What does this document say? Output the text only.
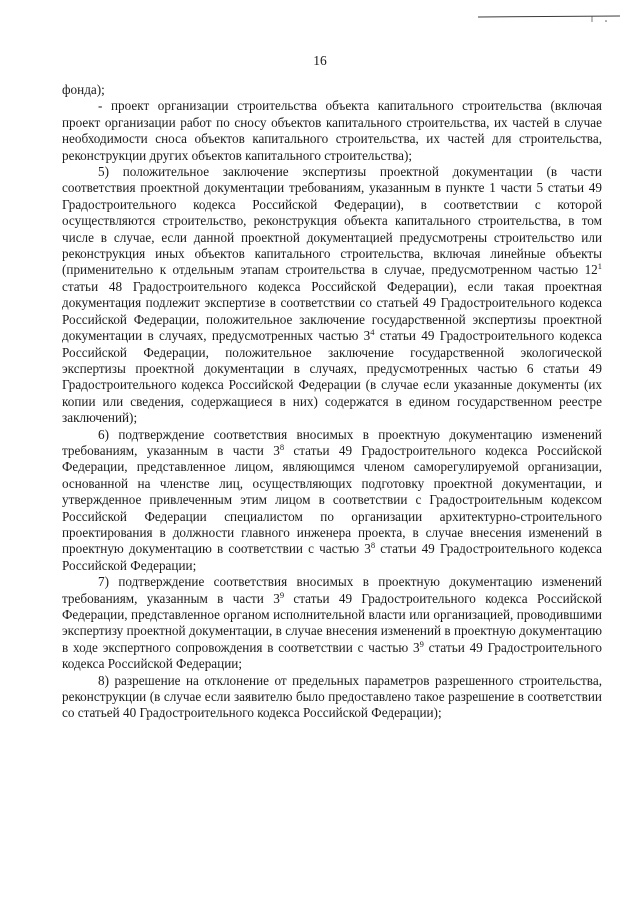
16

фонда);

- проект организации строительства объекта капитального строительства (включая проект организации работ по сносу объектов капитального строительства, их частей в случае необходимости сноса объектов капитального строительства, их частей для строительства, реконструкции других объектов капитального строительства);

5) положительное заключение экспертизы проектной документации (в части соответствия проектной документации требованиям, указанным в пункте 1 части 5 статьи 49 Градостроительного кодекса Российской Федерации), в соответствии с которой осуществляются строительство, реконструкция объекта капитального строительства, в том числе в случае, если данной проектной документацией предусмотрены строительство или реконструкция иных объектов капитального строительства, включая линейные объекты (применительно к отдельным этапам строительства в случае, предусмотренном частью $12^1$ статьи 48 Градостроительного кодекса Российской Федерации), если такая проектная документация подлежит экспертизе в соответствии со статьей 49 Градостроительного кодекса Российской Федерации, положительное заключение государственной экспертизы проектной документации в случаях, предусмотренных частью $3^4$ статьи 49 Градостроительного кодекса Российской Федерации, положительное заключение государственной экологической экспертизы проектной документации в случаях, предусмотренных частью 6 статьи 49 Градостроительного кодекса Российской Федерации (в случае если указанные документы (их копии или сведения, содержащиеся в них) содержатся в едином государственном реестре заключений);

6) подтверждение соответствия вносимых в проектную документацию изменений требованиям, указанным в части $3^8$ статьи 49 Градостроительного кодекса Российской Федерации, представленное лицом, являющимся членом саморегулируемой организации, основанной на членстве лиц, осуществляющих подготовку проектной документации, и утвержденное привлеченным этим лицом в соответствии с Градостроительным кодексом Российской Федерации специалистом по организации архитектурно-строительного проектирования в должности главного инженера проекта, в случае внесения изменений в проектную документацию в соответствии с частью $3^8$ статьи 49 Градостроительного кодекса Российской Федерации;

7) подтверждение соответствия вносимых в проектную документацию изменений требованиям, указанным в части $3^9$ статьи 49 Градостроительного кодекса Российской Федерации, представленное органом исполнительной власти или организацией, проводившими экспертизу проектной документации, в случае внесения изменений в проектную документацию в ходе экспертного сопровождения в соответствии с частью $3^9$ статьи 49 Градостроительного кодекса Российской Федерации;

8) разрешение на отклонение от предельных параметров разрешенного строительства, реконструкции (в случае если заявителю было предоставлено такое разрешение в соответствии со статьей 40 Градостроительного кодекса Российской Федерации);
